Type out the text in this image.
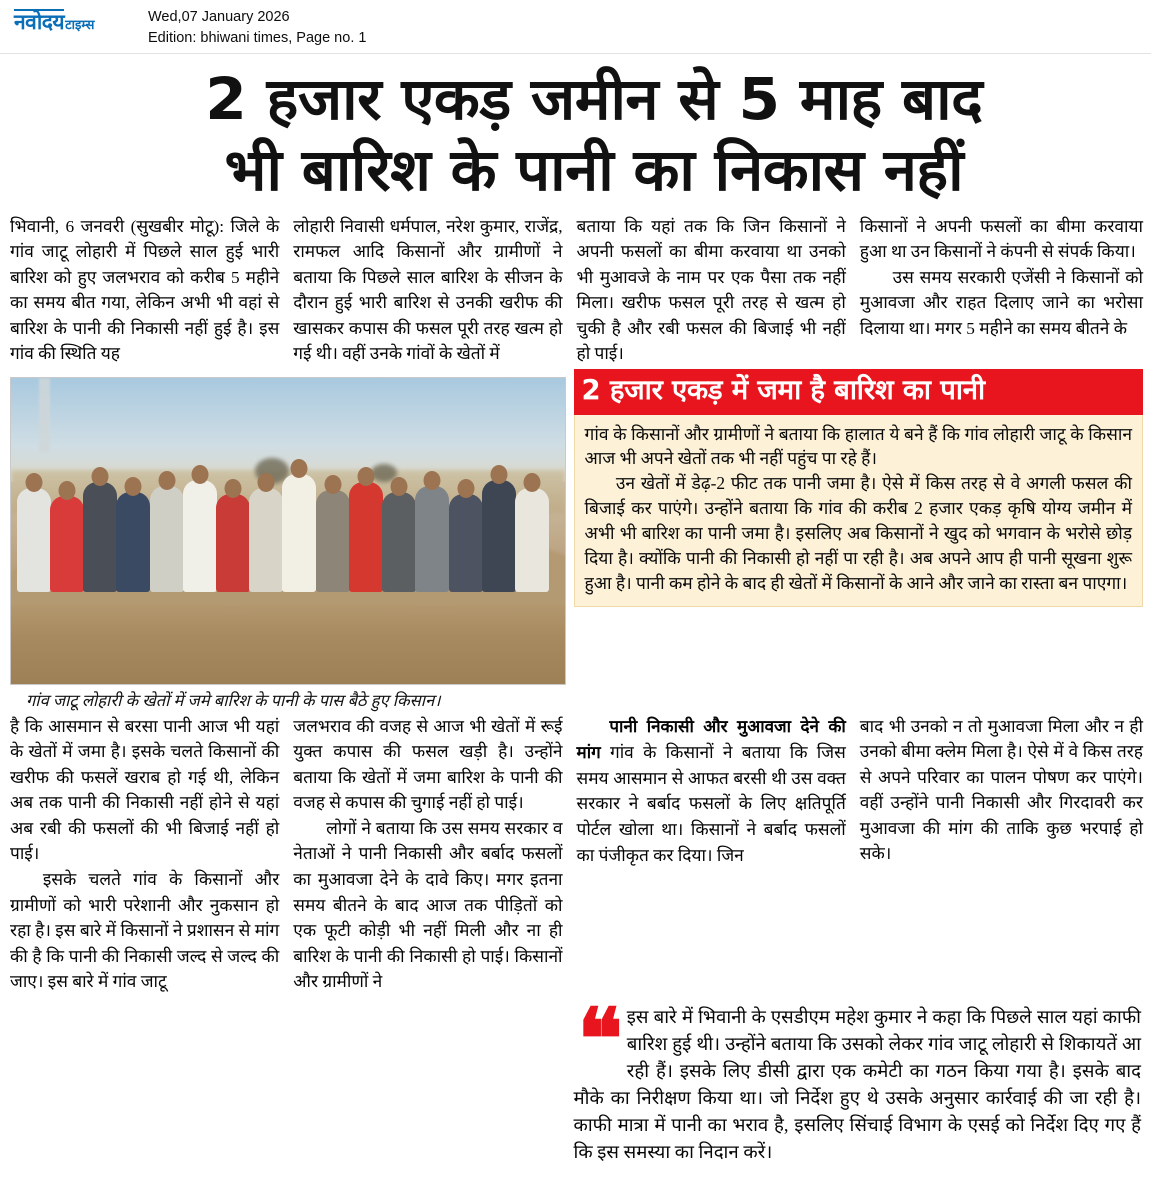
नवोदय टाइम्स
Wed,07 January 2026
Edition: bhiwani times, Page no. 1
2 हजार एकड़ जमीन से 5 माह बाद
भी बारिश के पानी का निकास नहीं

भिवानी, 6 जनवरी (सुखबीर मोटू): जिले के गांव जाटू लोहारी में पिछले साल हुई भारी बारिश को हुए जलभराव को करीब 5 महीने का समय बीत गया, लेकिन अभी भी वहां से बारिश के पानी की निकासी नहीं हुई है। इस गांव की स्थिति यह

लोहारी निवासी धर्मपाल, नरेश कुमार, राजेंद्र, रामफल आदि किसानों और ग्रामीणों ने बताया कि पिछले साल बारिश के सीजन के दौरान हुई भारी बारिश से उनकी खरीफ की खासकर कपास की फसल पूरी तरह खत्म हो गई थी। वहीं उनके गांवों के खेतों में

बताया कि यहां तक कि जिन किसानों ने अपनी फसलों का बीमा करवाया था उनको भी मुआवजे के नाम पर एक पैसा तक नहीं मिला। खरीफ फसल पूरी तरह से खत्म हो चुकी है और रबी फसल की बिजाई भी नहीं हो पाई।

किसानों ने अपनी फसलों का बीमा करवाया हुआ था उन किसानों ने कंपनी से संपर्क किया।

उस समय सरकारी एजेंसी ने किसानों को मुआवजा और राहत दिलाए जाने का भरोसा दिलाया था। मगर 5 महीने का समय बीतने के

गांव जाटू लोहारी के खेतों में जमे बारिश के पानी के पास बैठे हुए किसान।
2 हजार एकड़ में जमा है बारिश का पानी

गांव के किसानों और ग्रामीणों ने बताया कि हालात ये बने हैं कि गांव लोहारी जाटू के किसान आज भी अपने खेतों तक भी नहीं पहुंच पा रहे हैं।

उन खेतों में डेढ़-2 फीट तक पानी जमा है। ऐसे में किस तरह से वे अगली फसल की बिजाई कर पाएंगे। उन्होंने बताया कि गांव की करीब 2 हजार एकड़ कृषि योग्य जमीन में अभी भी बारिश का पानी जमा है। इसलिए अब किसानों ने खुद को भगवान के भरोसे छोड़ दिया है। क्योंकि पानी की निकासी हो नहीं पा रही है। अब अपने आप ही पानी सूखना शुरू हुआ है। पानी कम होने के बाद ही खेतों में किसानों के आने और जाने का रास्ता बन पाएगा।

है कि आसमान से बरसा पानी आज भी यहां के खेतों में जमा है। इसके चलते किसानों की खरीफ की फसलें खराब हो गई थी, लेकिन अब तक पानी की निकासी नहीं होने से यहां अब रबी की फसलों की भी बिजाई नहीं हो पाई।

इसके चलते गांव के किसानों और ग्रामीणों को भारी परेशानी और नुकसान हो रहा है। इस बारे में किसानों ने प्रशासन से मांग की है कि पानी की निकासी जल्द से जल्द की जाए। इस बारे में गांव जाटू

जलभराव की वजह से आज भी खेतों में रूई युक्त कपास की फसल खड़ी है। उन्होंने बताया कि खेतों में जमा बारिश के पानी की वजह से कपास की चुगाई नहीं हो पाई।

लोगों ने बताया कि उस समय सरकार व नेताओं ने पानी निकासी और बर्बाद फसलों का मुआवजा देने के दावे किए। मगर इतना समय बीतने के बाद आज तक पीड़ितों को एक फूटी कोड़ी भी नहीं मिली और ना ही बारिश के पानी की निकासी हो पाई। किसानों और ग्रामीणों ने

पानी निकासी और मुआवजा देने की मांग गांव के किसानों ने बताया कि जिस समय आसमान से आफत बरसी थी उस वक्त सरकार ने बर्बाद फसलों के लिए क्षतिपूर्ति पोर्टल खोला था। किसानों ने बर्बाद फसलों का पंजीकृत कर दिया। जिन

बाद भी उनको न तो मुआवजा मिला और न ही उनको बीमा क्लेम मिला है। ऐसे में वे किस तरह से अपने परिवार का पालन पोषण कर पाएंगे। वहीं उन्होंने पानी निकासी और गिरदावरी कर मुआवजा की मांग की ताकि कुछ भरपाई हो सके।

❝ इस बारे में भिवानी के एसडीएम महेश कुमार ने कहा कि पिछले साल यहां काफी बारिश हुई थी। उन्होंने बताया कि उसको लेकर गांव जाटू लोहारी से शिकायतें आ रही हैं। इसके लिए डीसी द्वारा एक कमेटी का गठन किया गया है। इसके बाद मौके का निरीक्षण किया था। जो निर्देश हुए थे उसके अनुसार कार्रवाई की जा रही है। काफी मात्रा में पानी का भराव है, इसलिए सिंचाई विभाग के एसई को निर्देश दिए गए हैं कि इस समस्या का निदान करें।
